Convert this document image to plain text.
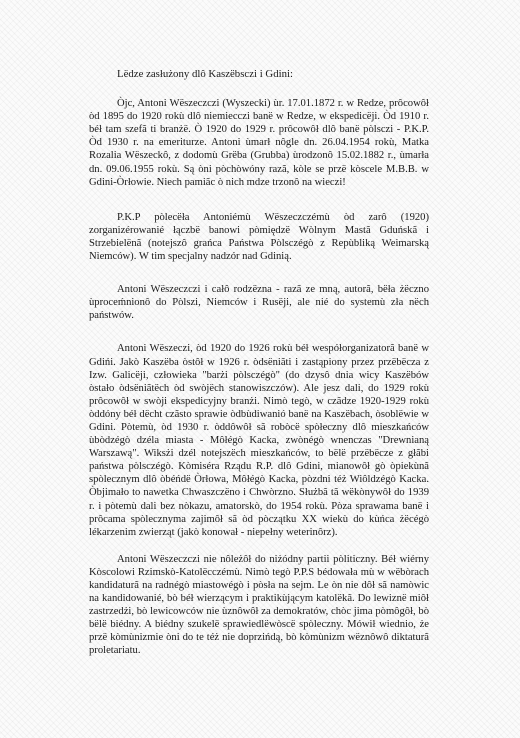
Lëdze zasłużony dlô Kaszëbsczi i Gdini:

Òjc, Antoni Wëszeczczi (Wyszecki) ùr. 17.01.1872 r. w Redze, prôcowôł òd 1895 do 1920 rokù dlô niemiecczi banë w Redze, w ekspedicëji. Òd 1910 r. béł tam szefã ti branżë. Ò 1920 do 1929 r. prôcowôł dlô banë pòlsczi - P.K.P. Òd 1930 r. na emeriturze. Antoni ùmarł nôgle dn. 26.04.1954 rokù, Matka Rozalia Wëszeckô, z dodomù Grëba (Grubba) ùrodzonô 15.02.1882 r., ùmarła dn. 09.06.1955 rokù. Są òni pòchòwóny razã, kòle se przë kòscele M.B.B. w Gdini-Òrłowie. Niech pamiãc ò nich mdze trzonô na wieczi!

P.K.P pòlecëła Antoniémù Wëszeczczémù òd zarô (1920) zorganizérowanié łączbë banowi pòmiędzë Wòlnym Mastã Gduńskã i Strzebielënã (notejszô grańca Państwa Pòlsczégò z Repùbliką Weimarską Niemców). W tim specjalny nadzór nad Gdinią.

Antoni Wëszeczczi i całô rodzëzna - razã ze mną, autorã, bëła żëczno ùproceḿnionô do Pòlszi, Niemców i Rusëji, ale nié do systemù zła nëch państwów.

Antoni Wëszeczi, òd 1920 do 1926 rokù béł wespółorganizatorã banë w Gdińi. Jakò Kaszëba òstôł w 1926 r. òdsëniãti i zastąpiony przez przëbëcza z Izw. Galicëji, człowieka "barżi pòlsczégò" (do dzysô dnia wicy Kaszëbów òstało òdsëniãtëch òd swòjëch stanowiszczów). Ale jesz dali, do 1929 rokù prôcowôł w swòji ekspedicyjny branżi. Nimò tegò, w czãdze 1920-1929 rokù òddóny béł dëcht czãsto sprawie òdbùdiwanió banë na Kaszëbach, òsoblëwie w Gdini. Pòtemù, òd 1930 r. òddôwôł sã robòcë spòłeczny dlô mieszkańców ùbòdzégò dzéla miasta - Môłégò Kacka, zwònégò wnenczas "Drewnianą Warszawą". Wiksżi dzél notejszëch mieszkańców, to bëlë przëbëcze z głãbi państwa pòlsczégò. Kòmiséra Rządu R.P. dlô Gdini, mianowôł gò òpiekùnã spòlecznym dlô òbéńdë Òrłowa, Môłégò Kacka, pòzdni téż Wiôldzégò Kacka. Òbjimało to nawetka Chwaszczëno i Chwòrzno. Służbã tã wëkònywôł do 1939 r. i pòtemù dali bez nòkazu, amatorskò, do 1954 rokù. Pòza sprawama banë i prôcama spòlecznyma zajimôł sã òd pòczątku XX wiekù do kùńca żëcégò lékarzenim zwierząt (jakò konował - niepełny weterinôrz).

Antoni Wëszeczczi nie nôleżôł do niżódny partii pòliticzny. Béł wiérny Kòscolowi Rzimskò-Katolëcczémù. Nimò tegò P.P.S bédowała mù w wëbòrach kandidaturã na radnégò miastowégò i pòsła na sejm. Le òn nie dôł sã namòwic na kandidowanié, bò béł wierzącym i praktikùjącym katolëkã. Do lewiznë miôł zastrzedżi, bò lewicowców nie ùznôwôł za demokratów, chòc jima pòmôgôł, bò bëlë biédny. A biédny szukelë sprawiedlëwòscë spòleczny. Mówił wiednio, że przë kòmùnizmie òni do te téż nie doprzińdą, bò kòmùnizm wëznôwô diktaturã proletariatu.
